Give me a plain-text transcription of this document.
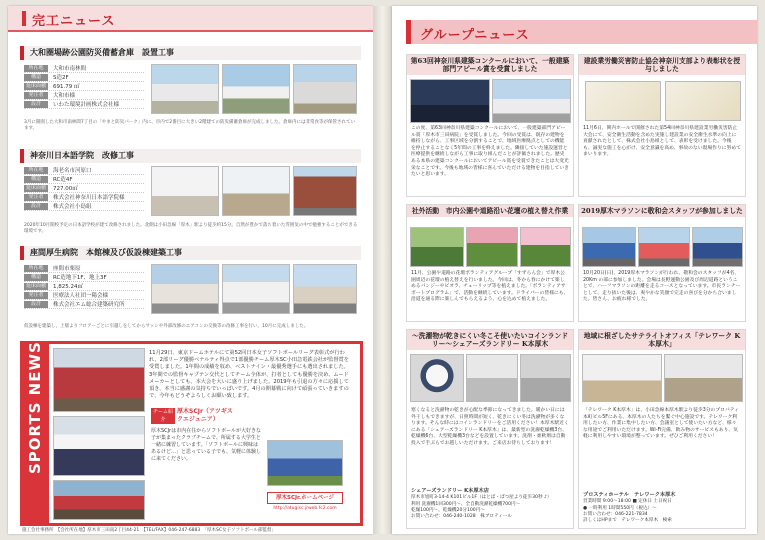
完工ニュース
大和圏場跡公園防災備蓄倉庫　設置工事
所在地	大和市南林間
構造	S造2F
延床面積	691.79 ㎡
発注者	大和市様
設計	いわた環境計画株式会社様
3月に開園した大和市南林間7丁目の「やまと防災パーク」内に、市内で2番目に大きい2階建ての防災備蓄倉庫が完成しました。倉庫内には非常食等が保管されています。
神奈川日本語学院　改修工事
所在地	海老名市河原口
構造	RC造4F
延床面積	727.00㎡
発注者	株式会社神奈川日本語学院様
設計	株式会社小島組
2020年10月開校予定の日本語学校が建て改修されました。北側は小田急線「厚木」駅より徒歩約15分。自然が豊かで落ち着いた雰囲気の中で勉強することができる環境です。
座間厚生病院　本館棟及び仮設棟建築工事
所在地	座間市栗原
構造	RC造地下1F、地上3F
延床面積	1,825.24㎡
発注者	医療法人社団一陽会様
設計	株式会社エム総合建築研究所
仮設棟を建築し、上層よりフロアーごとに引越しをしてからサッシや外部改修のエアコンの交換等の改修工事を行い、10月に完成しました。
SPORTS NEWS	11月29日、東京ドームホテルにて第52回日本女子ソフトボールリーグ表彰式が行われ、2部リーグ優勝ペナルティ得点で1部優勝チーム厚木SC小田急電鉄会社が監督賞を受賞しました。1年間の成績を収め、ベストナイン・最優秀選手にも選出されました。3年間での監督キャプテン交代としてチーム全体が、打者としても優勝を決め、ムードメーカーとしても、本大会を大いに盛り上げました。2019年も引退の方々に応援して頂き、本当に感謝の気持ちでいっぱいです。4月の開幕戦に向けて頑張っていきますので、今年もどうぞよろしくお願い致します。
チーム紹介
厚木SCJr（アツギスクエジュニア）
厚木SCJrは市内在住からソフトボールが大好きな子が集まったクラブチームで、所属する大学生と一緒に練習しています。「ソフトボールに興味はあるけど…」と思っている子でも、気軽に体験しに来てください。
厚木SCJr.ホームページ
http://atugisc.jrweb.fc2.com
施工会社事務所　【会社所在地】厚木市三田南2丁目44-21　【TEL/FAX】046-247-6883　「厚木SC女子ソフトボール部監督」
グループニュース
第63回神奈川県建築コンクールにおいて、一般建築部門アピール賞を受賞しました
この度、第63回神奈川県建築コンクールにおいて、一般建築部門アピール賞「厚木市三田病院」を受賞しました。今回の受賞は、既存の建物を維持しながら、工事区域を分割することで、地域医療拠点としての機能を停止することなく5年間の工事を終えました。隣接していた施設運営と医療提供を継続しながら工事に取り組んだことが評価されました。歴史ある本県の建築コンクールにおいてアピール賞を受賞できたことは大変光栄なことです。今後も地域の皆様に喜んでいただける建物を目指していきたいと思います。
建設業労働災害防止協会神奈川支部より表彰状を授与しました
11月6日、関内ホールで開催された第54回神奈川県建設業労働災害防止大会にて、安全衛生活動を含めた実施し建設業の安全衛生水準の向上に貢献されたとして、株式会社小島組として、表彰を受けました。今後も、誠実な施工を心がけ、安全意識を高め、事故のない現場作りに努めてまいります。
社外活動　市内公園や道路沿い花壇の植え替え作業
11月、公園や道路の花壇ボランティアグループ「すずらん会」で厚木公園周辺の花壇の植え替えを行いました。今回は、冬から春にかけて楽しめるパンジーやビオラ、チューリップ等を植えました。「ボランティアサポートプログラム」で、活動を継続しています。ドライバーの皆様にも、沿道を通る際に楽しんでもらえるよう、心を込めて植えました。
2019厚木マラソンに敬和会スタッフが参加しました
10月20日(日)、2019厚木マラソンが行われ、敬和会のスタッフが4名、20Km の部に参加しました。会場は長野運動公園及び周辺道路ということで、ハーフマラソンの距離を走るコースとなっています。市民ランナーとして、走り抜いた後は、爽やかな笑顔で完走の喜びを分かち合いました。皆さん、お疲れ様でした。
～洗濯物が乾きにくい冬こそ使いたいコインランドリー～シェアーズランドリー K本厚木
寒くなると洗濯物の乾きが心配な季節になってきました。暖かい日には外干しもできますが、日照時間が短く、乾きにくい冬は洗濯物が多くなります。そんな時にはコインランドリーをご活用ください！本厚木駅近くにある「シェアーズランドリー K本厚木」は、最新型の洗濯乾燥機3台、乾燥機6台、大型乾燥機3台などを設置しています。洗剤・柔軟剤は自動投入で手ぶらでお越しいただけます。ご来店お待ちしております！
シェアーズランドリー K本厚木店
厚木市旭町3-14-4 K101ビル1F（はとば・ばつ屋より徒歩30秒 ♪）
利用 洗濯機1回300円〜、全自動洗濯乾燥機700円〜
乾燥100円〜、乾燥機20分100円〜
お問い合わせ：046-240-1028　株ブロティール
地域に根ざしたサテライトオフィス「テレワーク K本厚木」
「テレワーク K本厚木」は、小田急線本厚木駅より徒歩3分のプロパティ本町ビル5Fにある、本厚木の人たちを繋ぐ中心施設です。テレワーク利用したい方、作業に集中したい方、会議室として使いたい方など、様々な用途でご利用いただけます。Wi-Fi完備、飲み物のサービスもあり、気軽に利用しやすい環境が整っています。ぜひご利用ください！
プロスティホーテル　テレワーク本厚木
営業時間 9:00〜18:00 ■ 定休日 土日祝日
● 一時利用 1時間550円（税込）〜
お問い合わせ：046-221-7834
詳しくはHPまで　テレワーク本厚木　検索
